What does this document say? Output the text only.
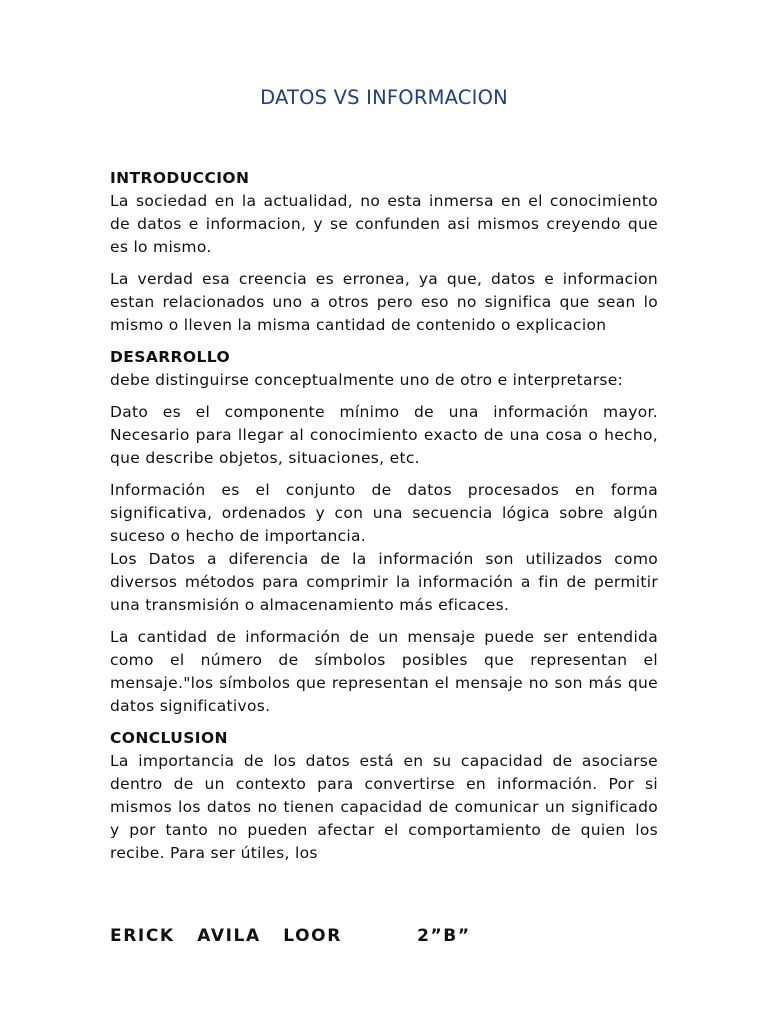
DATOS VS INFORMACION
INTRODUCCION

La sociedad en la actualidad, no esta inmersa en el conocimiento de datos e informacion, y se confunden asi mismos creyendo que es lo mismo.

La verdad esa creencia es erronea, ya que, datos e informacion estan relacionados uno a otros pero eso no significa que sean lo mismo o lleven la misma cantidad de contenido o explicacion

DESARROLLO

debe distinguirse conceptualmente uno de otro e interpretarse:

Dato es el componente mínimo de una información mayor. Necesario para llegar al conocimiento exacto de una cosa o hecho, que describe objetos, situaciones, etc.

Información es el conjunto de datos procesados en forma significativa, ordenados y con una secuencia lógica sobre algún suceso o hecho de importancia.

Los Datos a diferencia de la información son utilizados como diversos métodos para comprimir la información a fin de permitir una transmisión o almacenamiento más eficaces.

La cantidad de información de un mensaje puede ser entendida como el número de símbolos posibles que representan el mensaje."los símbolos que representan el mensaje no son más que datos significativos.

CONCLUSION

La importancia de los datos está en su capacidad de asociarse dentro de un contexto para convertirse en información. Por si mismos los datos no tienen capacidad de comunicar un significado y por tanto no pueden afectar el comportamiento de quien los recibe. Para ser útiles, los

ERICK   AVILA   LOOR	2”B”
